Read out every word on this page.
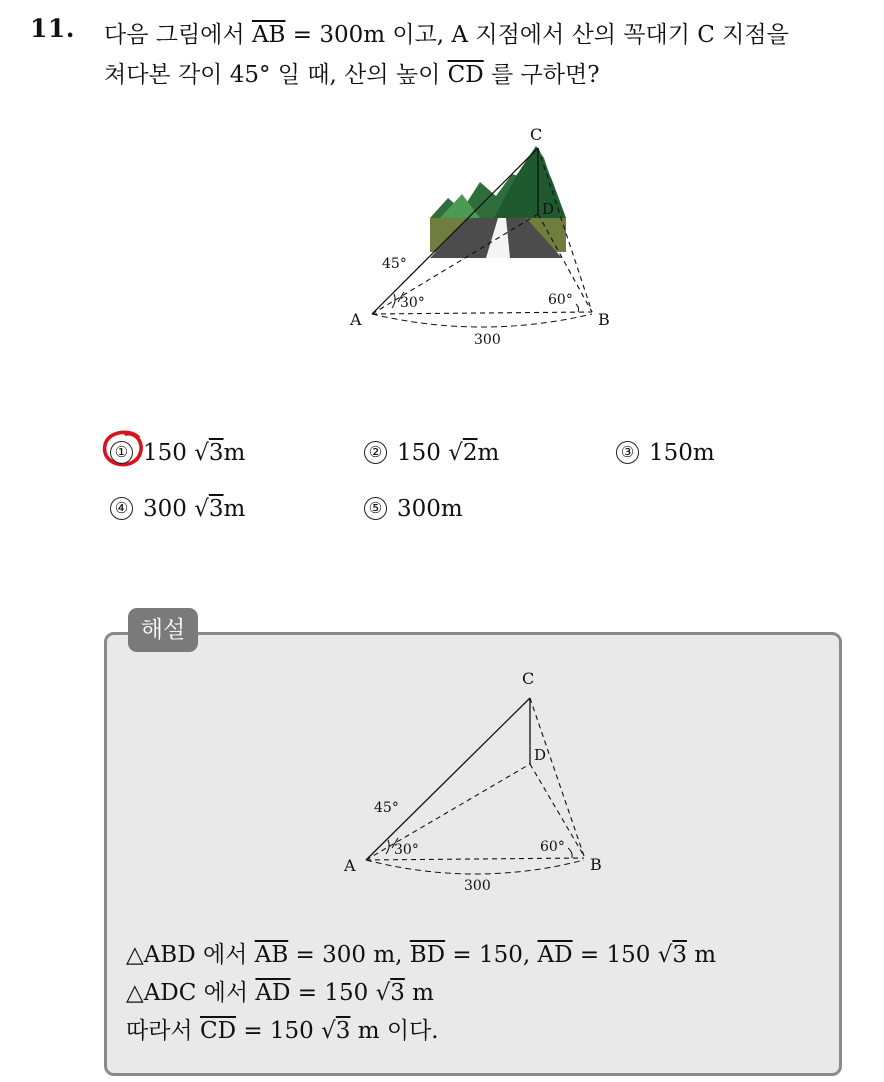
11. 다음 그림에서 $\overline{AB} = 300m$ 이고, A 지점에서 산의 꼭대기 C 지점을
쳐다본 각이 45° 일 때, 산의 높이 $\overline{CD}$ 를 구하면?
C
D
A	B
45°
30°	60°
300
① 150 √3m	② 150 √2m	③ 150m
④ 300 √3m	⑤ 300m
해설
C
D
A	B
45°
30°	60°
300
△ABD 에서 $\overline{AB} = 300$ m, $\overline{BD} = 150$, $\overline{AD} = 150$ √3 m
△ADC 에서 $\overline{AD} = 150$ √3 m
따라서 $\overline{CD} = 150$ √3 m 이다.
